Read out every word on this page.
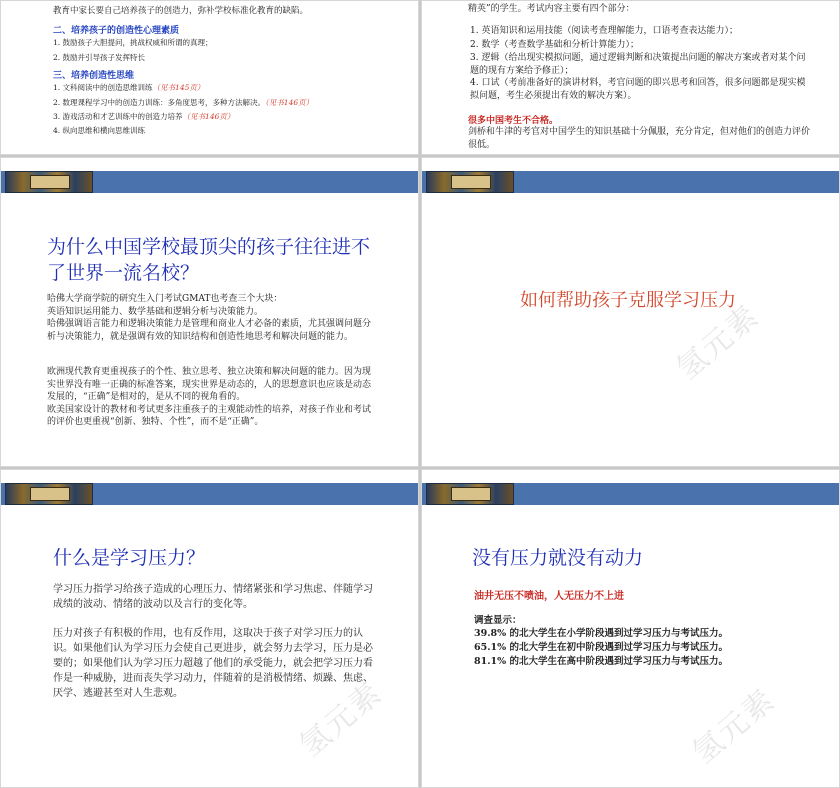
教育中家长要自己培养孩子的创造力，弥补学校标准化教育的缺陷。
二、培养孩子的创造性心理素质
1. 鼓励孩子大胆提问，挑战权威和所谓的真理；
2. 鼓励并引导孩子发挥特长
三、培养创造性思维
1. 文科阅读中的创造思维训练（见书145页）
2. 数理课程学习中的创造力训练：多角度思考，多种方法解决。（见书146页）
3. 游戏活动和才艺训练中的创造力培养（见书146页）
4. 纵向思维和横向思维训练
精英”的学生。考试内容主要有四个部分：
1. 英语知识和运用技能（阅读考查理解能力，口语考查表达能力）；
2. 数学（考查数学基础和分析计算能力）；
3. 逻辑（给出现实模拟问题，通过逻辑判断和决策提出问题的解决方案或者对某个问题的现有方案给予修正）；
4. 口试（考前准备好的演讲材料，考官问题的即兴思考和回答，很多问题都是现实模拟问题，考生必须提出有效的解决方案）。
很多中国考生不合格。
剑桥和牛津的考官对中国学生的知识基础十分佩服，充分肯定，但对他们的创造力评价很低。
为什么中国学校最顶尖的孩子往往进不了世界一流名校？
哈佛大学商学院的研究生入门考试GMAT也考查三个大块：
英语知识运用能力、数学基础和逻辑分析与决策能力。
哈佛强调语言能力和逻辑决策能力是管理和商业人才必备的素质，尤其强调问题分析与决策能力，就是强调有效的知识结构和创造性地思考和解决问题的能力。
欧洲现代教育更重视孩子的个性、独立思考、独立决策和解决问题的能力。因为现实世界没有唯一正确的标准答案，现实世界是动态的，人的思想意识也应该是动态发展的，“正确”是相对的，是从不同的视角看的。
欧美国家设计的教材和考试更多注重孩子的主观能动性的培养，对孩子作业和考试的评价也更重视“创新、独特、个性”，而不是“正确”。
如何帮助孩子克服学习压力
氢元素
什么是学习压力？
学习压力指学习给孩子造成的心理压力、情绪紧张和学习焦虑、伴随学习成绩的波动、情绪的波动以及言行的变化等。
压力对孩子有积极的作用，也有反作用，这取决于孩子对学习压力的认识。如果他们认为学习压力会使自己更进步，就会努力去学习，压力是必要的；如果他们认为学习压力超越了他们的承受能力，就会把学习压力看作是一种威胁，进而丧失学习动力，伴随着的是消极情绪、烦躁、焦虑、厌学、逃避甚至对人生悲观。	氢元素
没有压力就没有动力
油井无压不喷油，人无压力不上进
调查显示：
39.8% 的北大学生在小学阶段遇到过学习压力与考试压力。
65.1% 的北大学生在初中阶段遇到过学习压力与考试压力。
81.1% 的北大学生在高中阶段遇到过学习压力与考试压力。
氢元素
